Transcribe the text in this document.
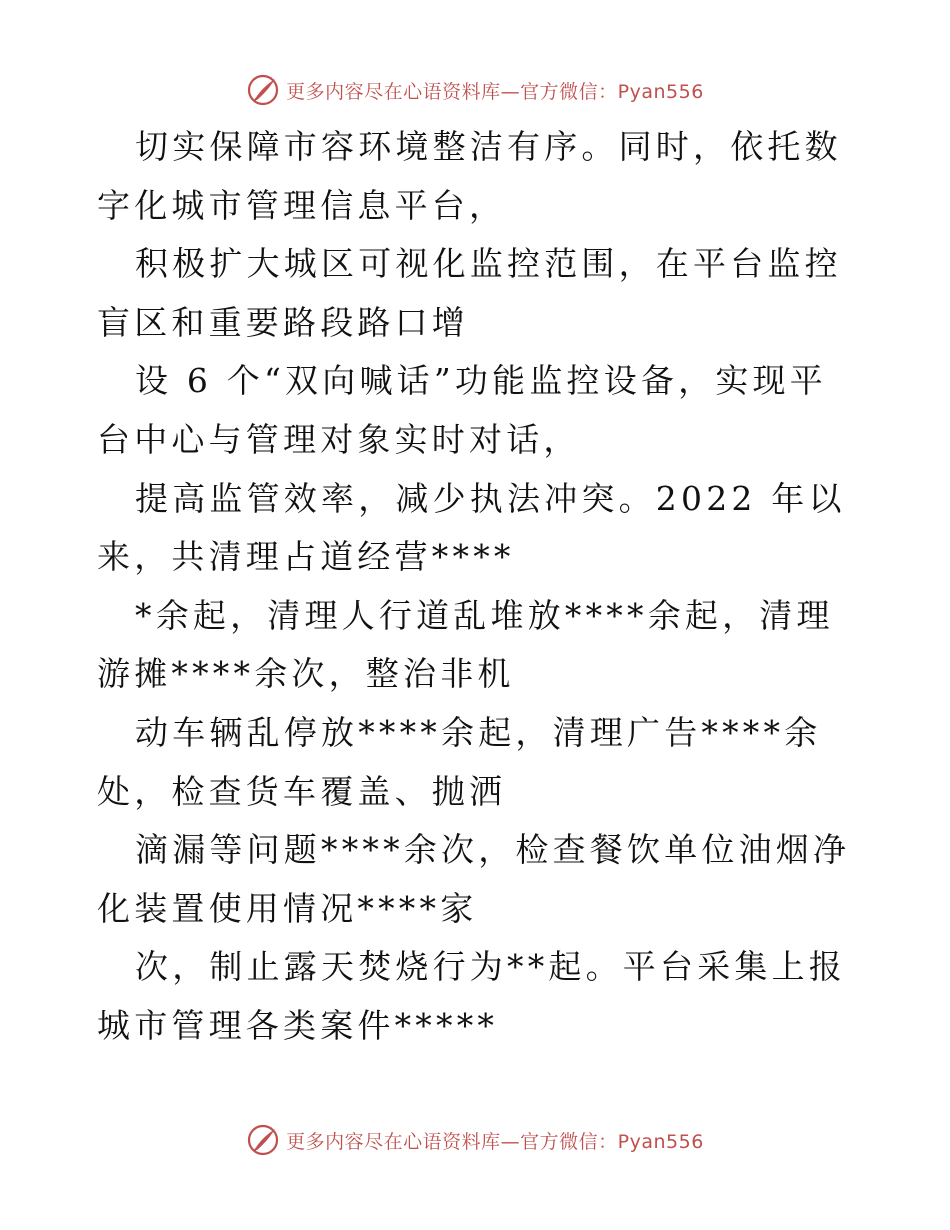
更多内容尽在心语资料库—官方微信：Pyan556

切实保障市容环境整洁有序。同时，依托数字化城市管理信息平台，

积极扩大城区可视化监控范围，在平台监控盲区和重要路段路口增

设 6 个“双向喊话”功能监控设备，实现平台中心与管理对象实时对话，

提高监管效率，减少执法冲突。2022 年以来，共清理占道经营****

*余起，清理人行道乱堆放****余起，清理游摊****余次，整治非机

动车辆乱停放****余起，清理广告****余处，检查货车覆盖、抛洒

滴漏等问题****余次，检查餐饮单位油烟净化装置使用情况****家

次，制止露天焚烧行为**起。平台采集上报城市管理各类案件*****

更多内容尽在心语资料库—官方微信：Pyan556
